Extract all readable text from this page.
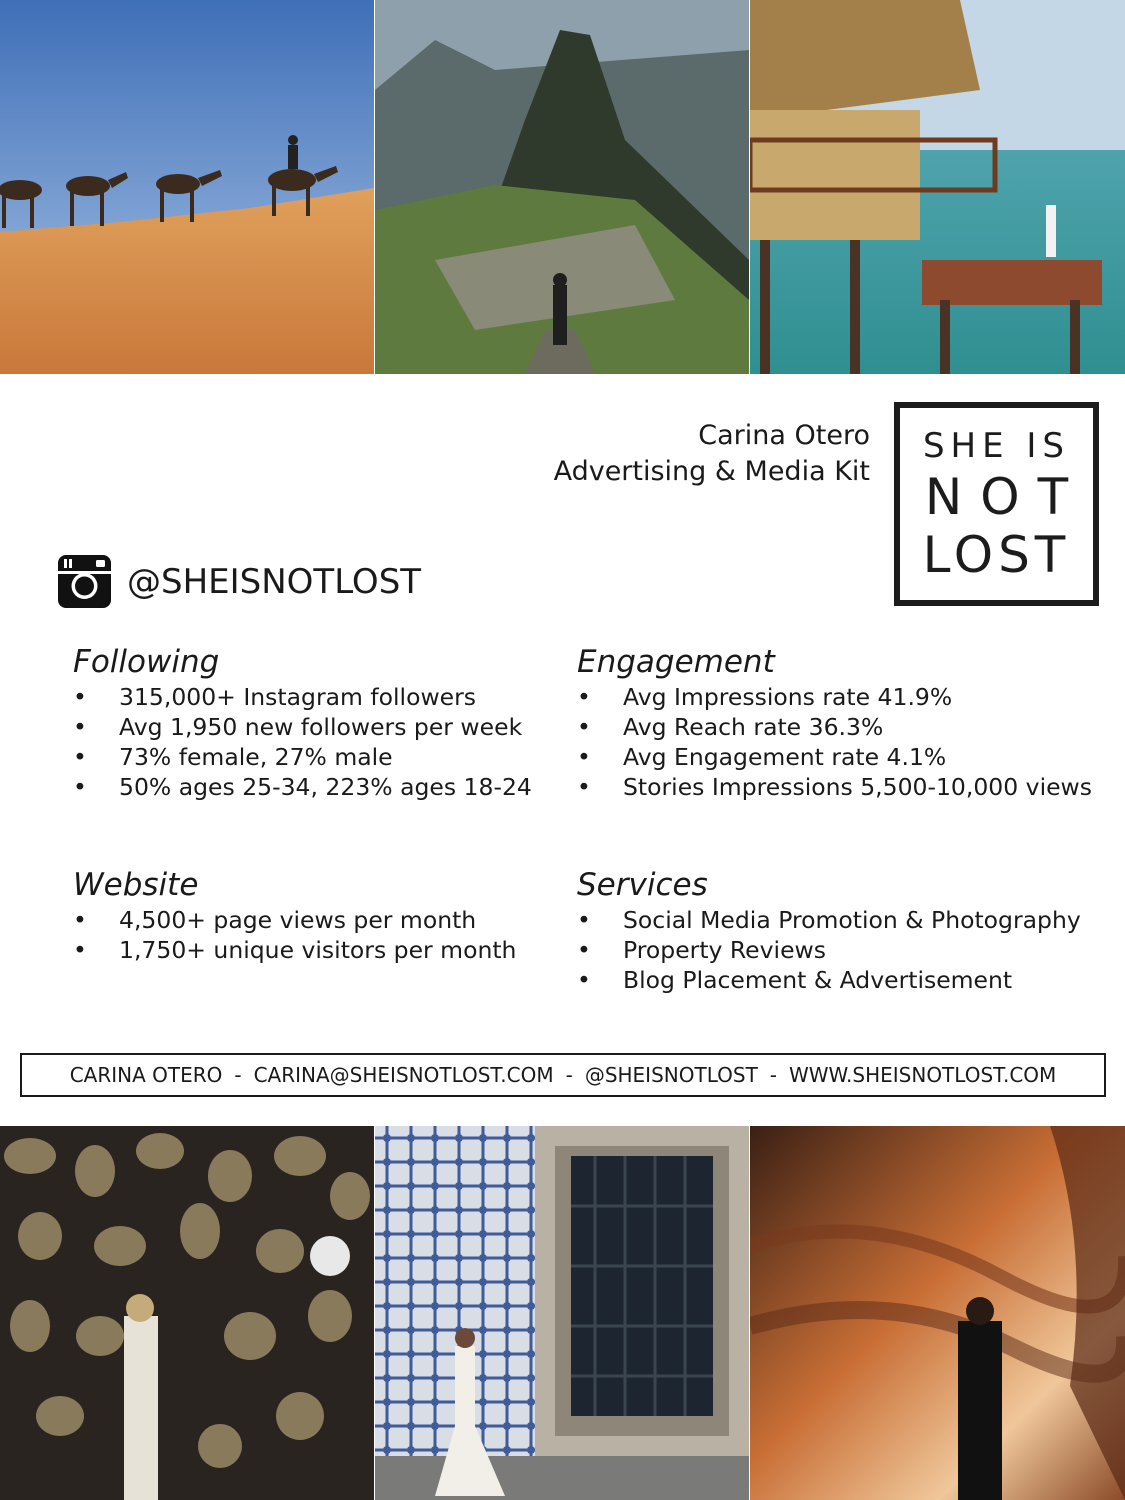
Carina Otero
Advertising & Media Kit
SHE IS
NOT
LOST
@SHEISNOTLOST
Following
• 315,000+ Instagram followers
• Avg 1,950 new followers per week
• 73% female, 27% male
• 50% ages 25-34, 223% ages 18-24
Engagement
• Avg Impressions rate 41.9%
• Avg Reach rate 36.3%
• Avg Engagement rate 4.1%
• Stories Impressions 5,500-10,000 views
Website
• 4,500+ page views per month
• 1,750+ unique visitors per month
Services
• Social Media Promotion & Photography
• Property Reviews
• Blog Placement & Advertisement
CARINA OTERO - CARINA@SHEISNOTLOST.COM - @SHEISNOTLOST - WWW.SHEISNOTLOST.COM
